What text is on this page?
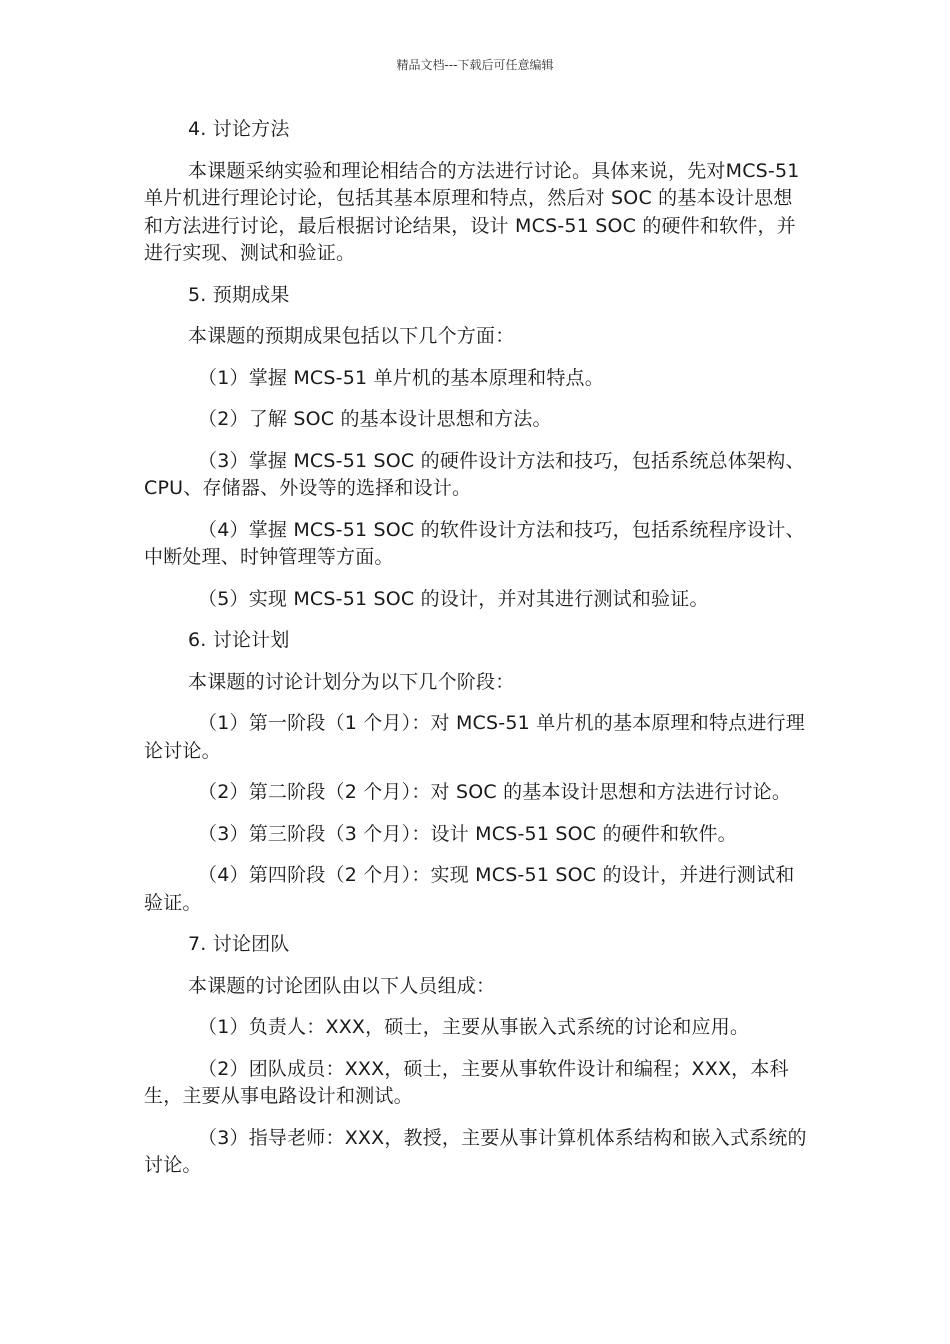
精品文档---下载后可任意编辑

4. 讨论方法

本课题采纳实验和理论相结合的方法进行讨论。具体来说，先对MCS-51 单片机进行理论讨论，包括其基本原理和特点，然后对 SOC 的基本设计思想和方法进行讨论，最后根据讨论结果，设计 MCS-51 SOC 的硬件和软件，并进行实现、测试和验证。

5. 预期成果

本课题的预期成果包括以下几个方面：

（1）掌握 MCS-51 单片机的基本原理和特点。

（2）了解 SOC 的基本设计思想和方法。

（3）掌握 MCS-51 SOC 的硬件设计方法和技巧，包括系统总体架构、CPU、存储器、外设等的选择和设计。

（4）掌握 MCS-51 SOC 的软件设计方法和技巧，包括系统程序设计、中断处理、时钟管理等方面。

（5）实现 MCS-51 SOC 的设计，并对其进行测试和验证。

6. 讨论计划

本课题的讨论计划分为以下几个阶段：

（1）第一阶段（1 个月）：对 MCS-51 单片机的基本原理和特点进行理论讨论。

（2）第二阶段（2 个月）：对 SOC 的基本设计思想和方法进行讨论。

（3）第三阶段（3 个月）：设计 MCS-51 SOC 的硬件和软件。

（4）第四阶段（2 个月）：实现 MCS-51 SOC 的设计，并进行测试和验证。

7. 讨论团队

本课题的讨论团队由以下人员组成：

（1）负责人：XXX，硕士，主要从事嵌入式系统的讨论和应用。

（2）团队成员：XXX，硕士，主要从事软件设计和编程；XXX，本科生，主要从事电路设计和测试。

（3）指导老师：XXX，教授，主要从事计算机体系结构和嵌入式系统的讨论。
